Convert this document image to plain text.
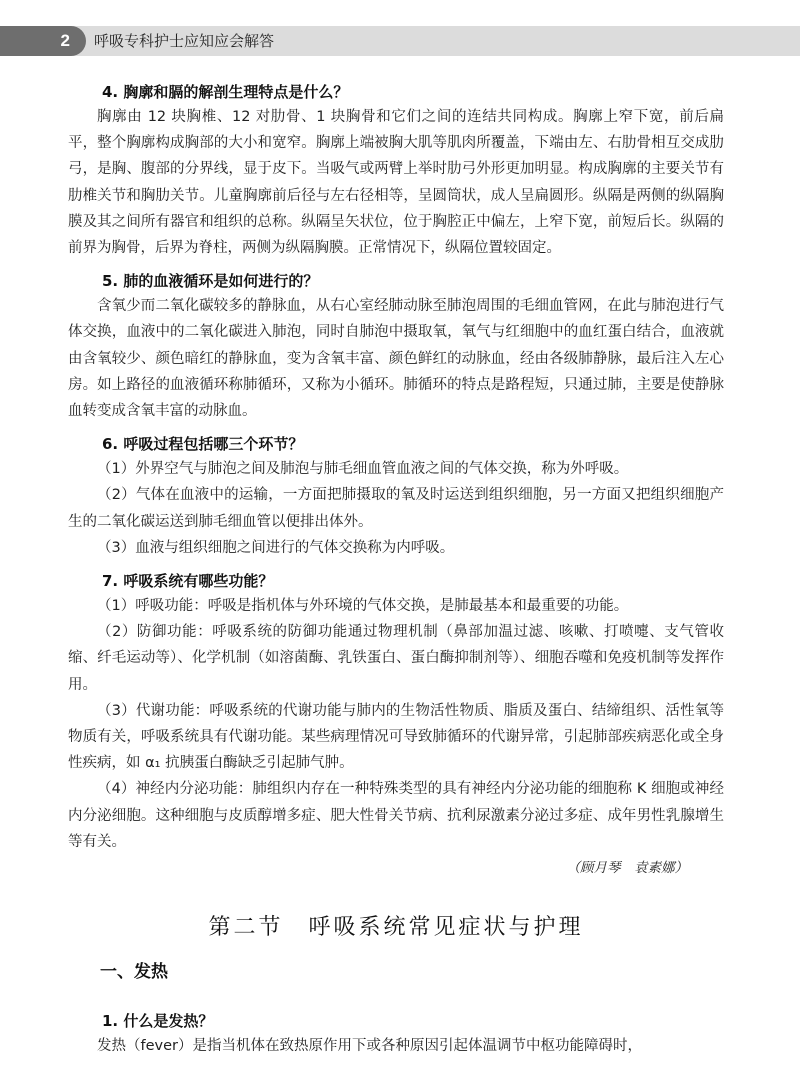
2	呼吸专科护士应知应会解答

4. 胸廓和膈的解剖生理特点是什么？

胸廓由 12 块胸椎、12 对肋骨、1 块胸骨和它们之间的连结共同构成。胸廓上窄下宽，前后扁平，整个胸廓构成胸部的大小和宽窄。胸廓上端被胸大肌等肌肉所覆盖，下端由左、右肋骨相互交成肋弓，是胸、腹部的分界线，显于皮下。当吸气或两臂上举时肋弓外形更加明显。构成胸廓的主要关节有肋椎关节和胸肋关节。儿童胸廓前后径与左右径相等，呈圆筒状，成人呈扁圆形。纵隔是两侧的纵隔胸膜及其之间所有器官和组织的总称。纵隔呈矢状位，位于胸腔正中偏左，上窄下宽，前短后长。纵隔的前界为胸骨，后界为脊柱，两侧为纵隔胸膜。正常情况下，纵隔位置较固定。

5. 肺的血液循环是如何进行的？

含氧少而二氧化碳较多的静脉血，从右心室经肺动脉至肺泡周围的毛细血管网，在此与肺泡进行气体交换，血液中的二氧化碳进入肺泡，同时自肺泡中摄取氧，氧气与红细胞中的血红蛋白结合，血液就由含氧较少、颜色暗红的静脉血，变为含氧丰富、颜色鲜红的动脉血，经由各级肺静脉，最后注入左心房。如上路径的血液循环称肺循环，又称为小循环。肺循环的特点是路程短，只通过肺，主要是使静脉血转变成含氧丰富的动脉血。

6. 呼吸过程包括哪三个环节？

（1）外界空气与肺泡之间及肺泡与肺毛细血管血液之间的气体交换，称为外呼吸。

（2）气体在血液中的运输，一方面把肺摄取的氧及时运送到组织细胞，另一方面又把组织细胞产生的二氧化碳运送到肺毛细血管以便排出体外。

（3）血液与组织细胞之间进行的气体交换称为内呼吸。

7. 呼吸系统有哪些功能？

（1）呼吸功能：呼吸是指机体与外环境的气体交换，是肺最基本和最重要的功能。

（2）防御功能：呼吸系统的防御功能通过物理机制（鼻部加温过滤、咳嗽、打喷嚏、支气管收缩、纤毛运动等）、化学机制（如溶菌酶、乳铁蛋白、蛋白酶抑制剂等）、细胞吞噬和免疫机制等发挥作用。

（3）代谢功能：呼吸系统的代谢功能与肺内的生物活性物质、脂质及蛋白、结缔组织、活性氧等物质有关，呼吸系统具有代谢功能。某些病理情况可导致肺循环的代谢异常，引起肺部疾病恶化或全身性疾病，如 α₁ 抗胰蛋白酶缺乏引起肺气肿。

（4）神经内分泌功能：肺组织内存在一种特殊类型的具有神经内分泌功能的细胞称 K 细胞或神经内分泌细胞。这种细胞与皮质醇增多症、肥大性骨关节病、抗利尿激素分泌过多症、成年男性乳腺增生等有关。

（顾月琴　袁素娜）

第二节　呼吸系统常见症状与护理

一、发热

1. 什么是发热？

发热（fever）是指当机体在致热原作用下或各种原因引起体温调节中枢功能障碍时，
